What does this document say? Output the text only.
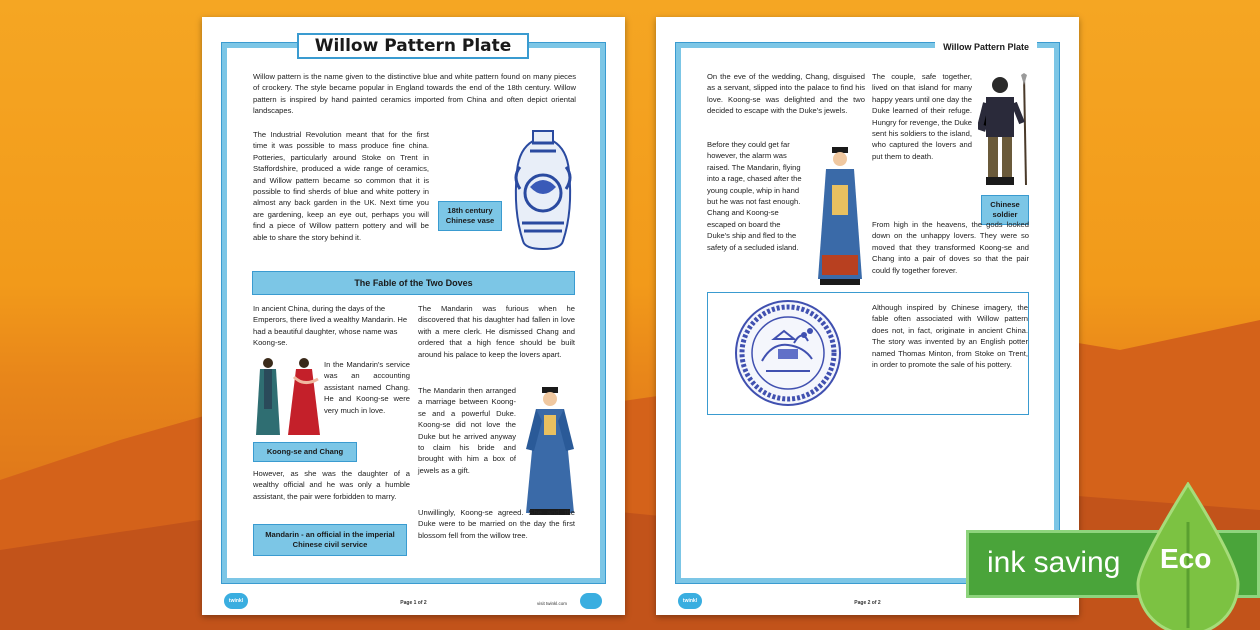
Willow Pattern Plate
Willow pattern is the name given to the distinctive blue and white pattern found on many pieces of crockery. The style became popular in England towards the end of the 18th century. Willow pattern is inspired by hand painted ceramics imported from China and often depict oriental landscapes.
The Industrial Revolution meant that for the first time it was possible to mass produce fine china. Potteries, particularly around Stoke on Trent in Staffordshire, produced a wide range of ceramics, and Willow pattern became so common that it is possible to find sherds of blue and white pottery in almost any back garden in the UK. Next time you are gardening, keep an eye out, perhaps you will find a piece of Willow pattern pottery and will be able to share the story behind it.
18th century Chinese vase
The Fable of the Two Doves
In ancient China, during the days of the Emperors, there lived a wealthy Mandarin. He had a beautiful daughter, whose name was Koong-se.
In the Mandarin's service was an accounting assistant named Chang. He and Koong-se were very much in love.
Koong-se and Chang
However, as she was the daughter of a wealthy official and he was only a humble assistant, the pair were forbidden to marry.
Mandarin - an official in the imperial Chinese civil service
The Mandarin was furious when he discovered that his daughter had fallen in love with a mere clerk. He dismissed Chang and ordered that a high fence should be built around his palace to keep the lovers apart.
The Mandarin then arranged a marriage between Koong-se and a powerful Duke. Koong-se did not love the Duke but he arrived anyway to claim his bride and brought with him a box of jewels as a gift.
Unwillingly, Koong-se agreed. She and the Duke were to be married on the day the first blossom fell from the willow tree.
twinkl	Page 1 of 2	visit twinkl.com
Willow Pattern Plate
On the eve of the wedding, Chang, disguised as a servant, slipped into the palace to find his love. Koong-se was delighted and the two decided to escape with the Duke's jewels.
Before they could get far however, the alarm was raised. The Mandarin, flying into a rage, chased after the young couple, whip in hand but he was not fast enough. Chang and Koong-se escaped on board the Duke's ship and fled to the safety of a secluded island.
The couple, safe together, lived on that island for many happy years until one day the Duke learned of their refuge. Hungry for revenge, the Duke sent his soldiers to the island, who captured the lovers and put them to death.
Chinese soldier
From high in the heavens, the gods looked down on the unhappy lovers. They were so moved that they transformed Koong-se and Chang into a pair of doves so that the pair could fly together forever.
Although inspired by Chinese imagery, the fable often associated with Willow pattern does not, in fact, originate in ancient China. The story was invented by an English potter named Thomas Minton, from Stoke on Trent, in order to promote the sale of his pottery.
twinkl	Page 2 of 2
ink saving Eco
